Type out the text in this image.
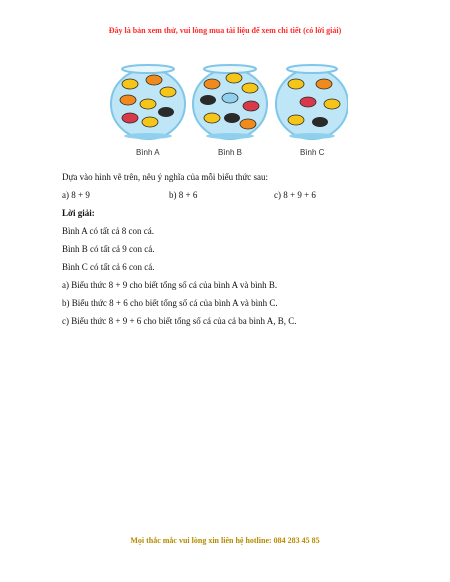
Đây là bản xem thử, vui lòng mua tài liệu để xem chi tiết (có lời giải)
Bình A	Bình B	Bình C
Dựa vào hình vẽ trên, nêu ý nghĩa của mỗi biểu thức sau:
a) 8 + 9	b) 8 + 6	c) 8 + 9 + 6
Lời giải:
Bình A có tất cả 8 con cá.
Bình B có tất cả 9 con cá.
Bình C có tất cả 6 con cá.
a) Biểu thức 8 + 9 cho biết tổng số cá của bình A và bình B.
b) Biểu thức 8 + 6 cho biết tổng số cá của bình A và bình C.
c) Biểu thức 8 + 9 + 6 cho biết tổng số cá của cả ba bình A, B, C.
Mọi thắc mắc vui lòng xin liên hệ hotline: 084 283 45 85
